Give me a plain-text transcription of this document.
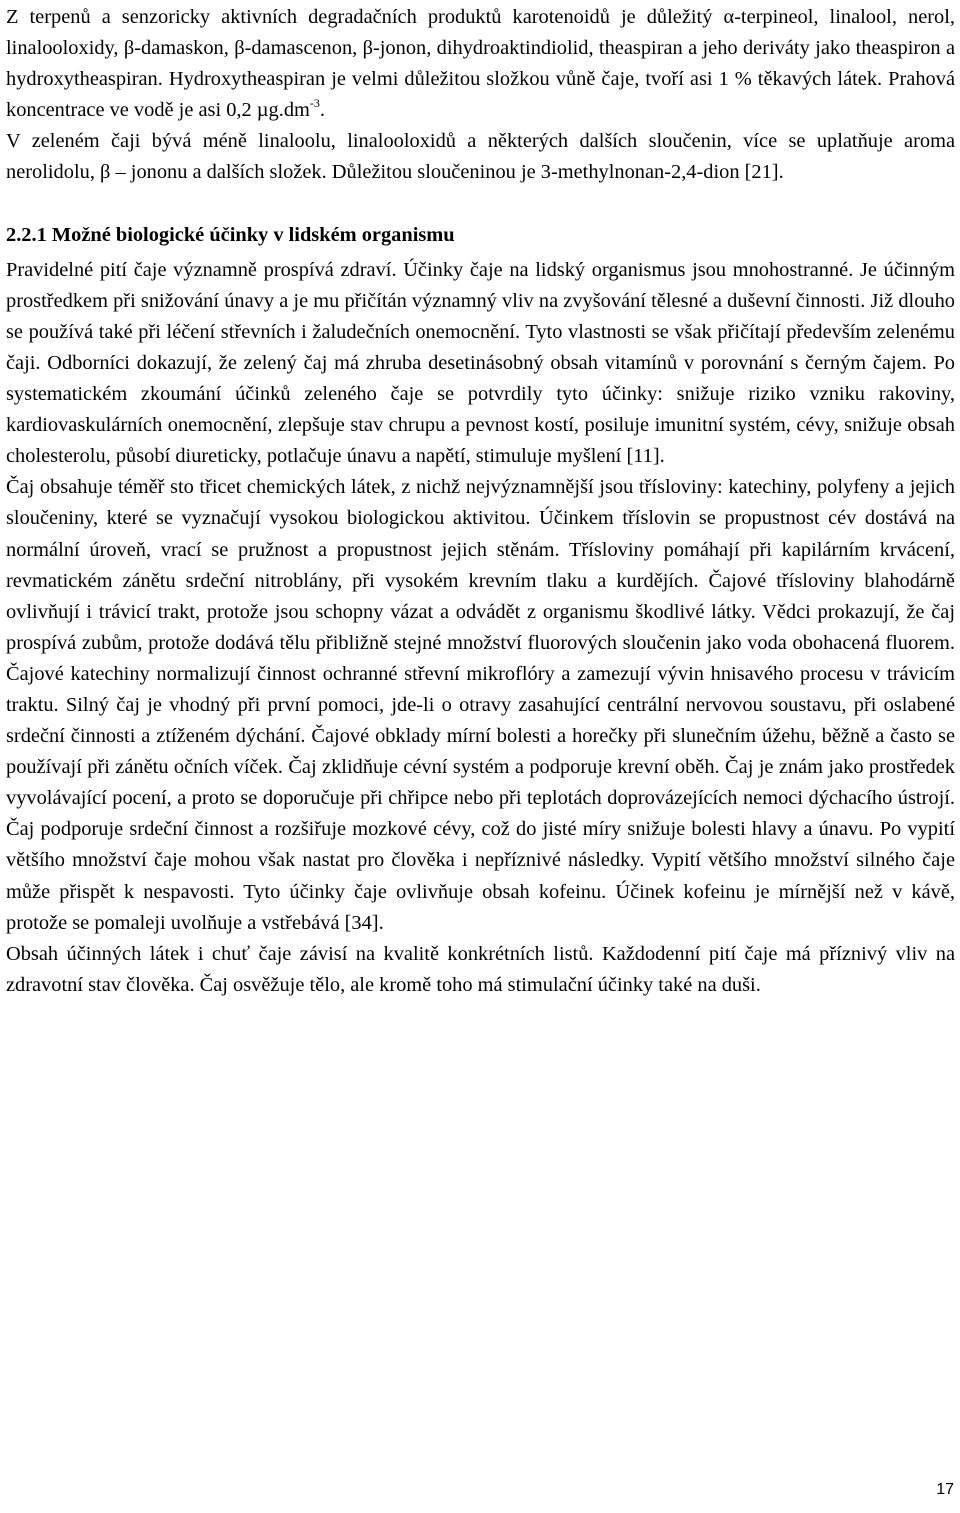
Z terpenů a senzoricky aktivních degradačních produktů karotenoidů je důležitý α-terpineol, linalool, nerol, linalooloxidy, β-damaskon, β-damascenon, β-jonon, dihydroaktindiolid, theaspiran a jeho deriváty jako theaspiron a hydroxytheaspiran. Hydroxytheaspiran je velmi důležitou složkou vůně čaje, tvoří asi 1 % těkavých látek. Prahová koncentrace ve vodě je asi 0,2 $\mu g.dm^{-3}$.

V zeleném čaji bývá méně linaloolu, linalooloxidů a některých dalších sloučenin, více se uplatňuje aroma nerolidolu, β – jononu a dalších složek. Důležitou sloučeninou je 3-methylnonan-2,4-dion [21].

2.2.1 Možné biologické účinky v lidském organismu

Pravidelné pití čaje významně prospívá zdraví. Účinky čaje na lidský organismus jsou mnohostranné. Je účinným prostředkem při snižování únavy a je mu přičítán významný vliv na zvyšování tělesné a duševní činnosti. Již dlouho se používá také při léčení střevních i žaludečních onemocnění. Tyto vlastnosti se však přičítají především zelenému čaji. Odborníci dokazují, že zelený čaj má zhruba desetinásobný obsah vitamínů v porovnání s černým čajem. Po systematickém zkoumání účinků zeleného čaje se potvrdily tyto účinky: snižuje riziko vzniku rakoviny, kardiovaskulárních onemocnění, zlepšuje stav chrupu a pevnost kostí, posiluje imunitní systém, cévy, snižuje obsah cholesterolu, působí diureticky, potlačuje únavu a napětí, stimuluje myšlení [11].

Čaj obsahuje téměř sto třicet chemických látek, z nichž nejvýznamnější jsou třísloviny: katechiny, polyfeny a jejich sloučeniny, které se vyznačují vysokou biologickou aktivitou. Účinkem tříslovin se propustnost cév dostává na normální úroveň, vrací se pružnost a propustnost jejich stěnám. Třísloviny pomáhají při kapilárním krvácení, revmatickém zánětu srdeční nitroblány, při vysokém krevním tlaku a kurdějích. Čajové třísloviny blahodárně ovlivňují i trávicí trakt, protože jsou schopny vázat a odvádět z organismu škodlivé látky. Vědci prokazují, že čaj prospívá zubům, protože dodává tělu přibližně stejné množství fluorových sloučenin jako voda obohacená fluorem. Čajové katechiny normalizují činnost ochranné střevní mikroflóry a zamezují vývin hnisavého procesu v trávicím traktu. Silný čaj je vhodný při první pomoci, jde-li o otravy zasahující centrální nervovou soustavu, při oslabené srdeční činnosti a ztíženém dýchání. Čajové obklady mírní bolesti a horečky při slunečním úžehu, běžně a často se používají při zánětu očních víček. Čaj zklidňuje cévní systém a podporuje krevní oběh. Čaj je znám jako prostředek vyvolávající pocení, a proto se doporučuje při chřipce nebo při teplotách doprovázejících nemoci dýchacího ústrojí. Čaj podporuje srdeční činnost a rozšiřuje mozkové cévy, což do jisté míry snižuje bolesti hlavy a únavu. Po vypití většího množství čaje mohou však nastat pro člověka i nepříznivé následky. Vypití většího množství silného čaje může přispět k nespavosti. Tyto účinky čaje ovlivňuje obsah kofeinu. Účinek kofeinu je mírnější než v kávě, protože se pomaleji uvolňuje a vstřebává [34].

Obsah účinných látek i chuť čaje závisí na kvalitě konkrétních listů. Každodenní pití čaje má příznivý vliv na zdravotní stav člověka. Čaj osvěžuje tělo, ale kromě toho má stimulační účinky také na duši.

17
